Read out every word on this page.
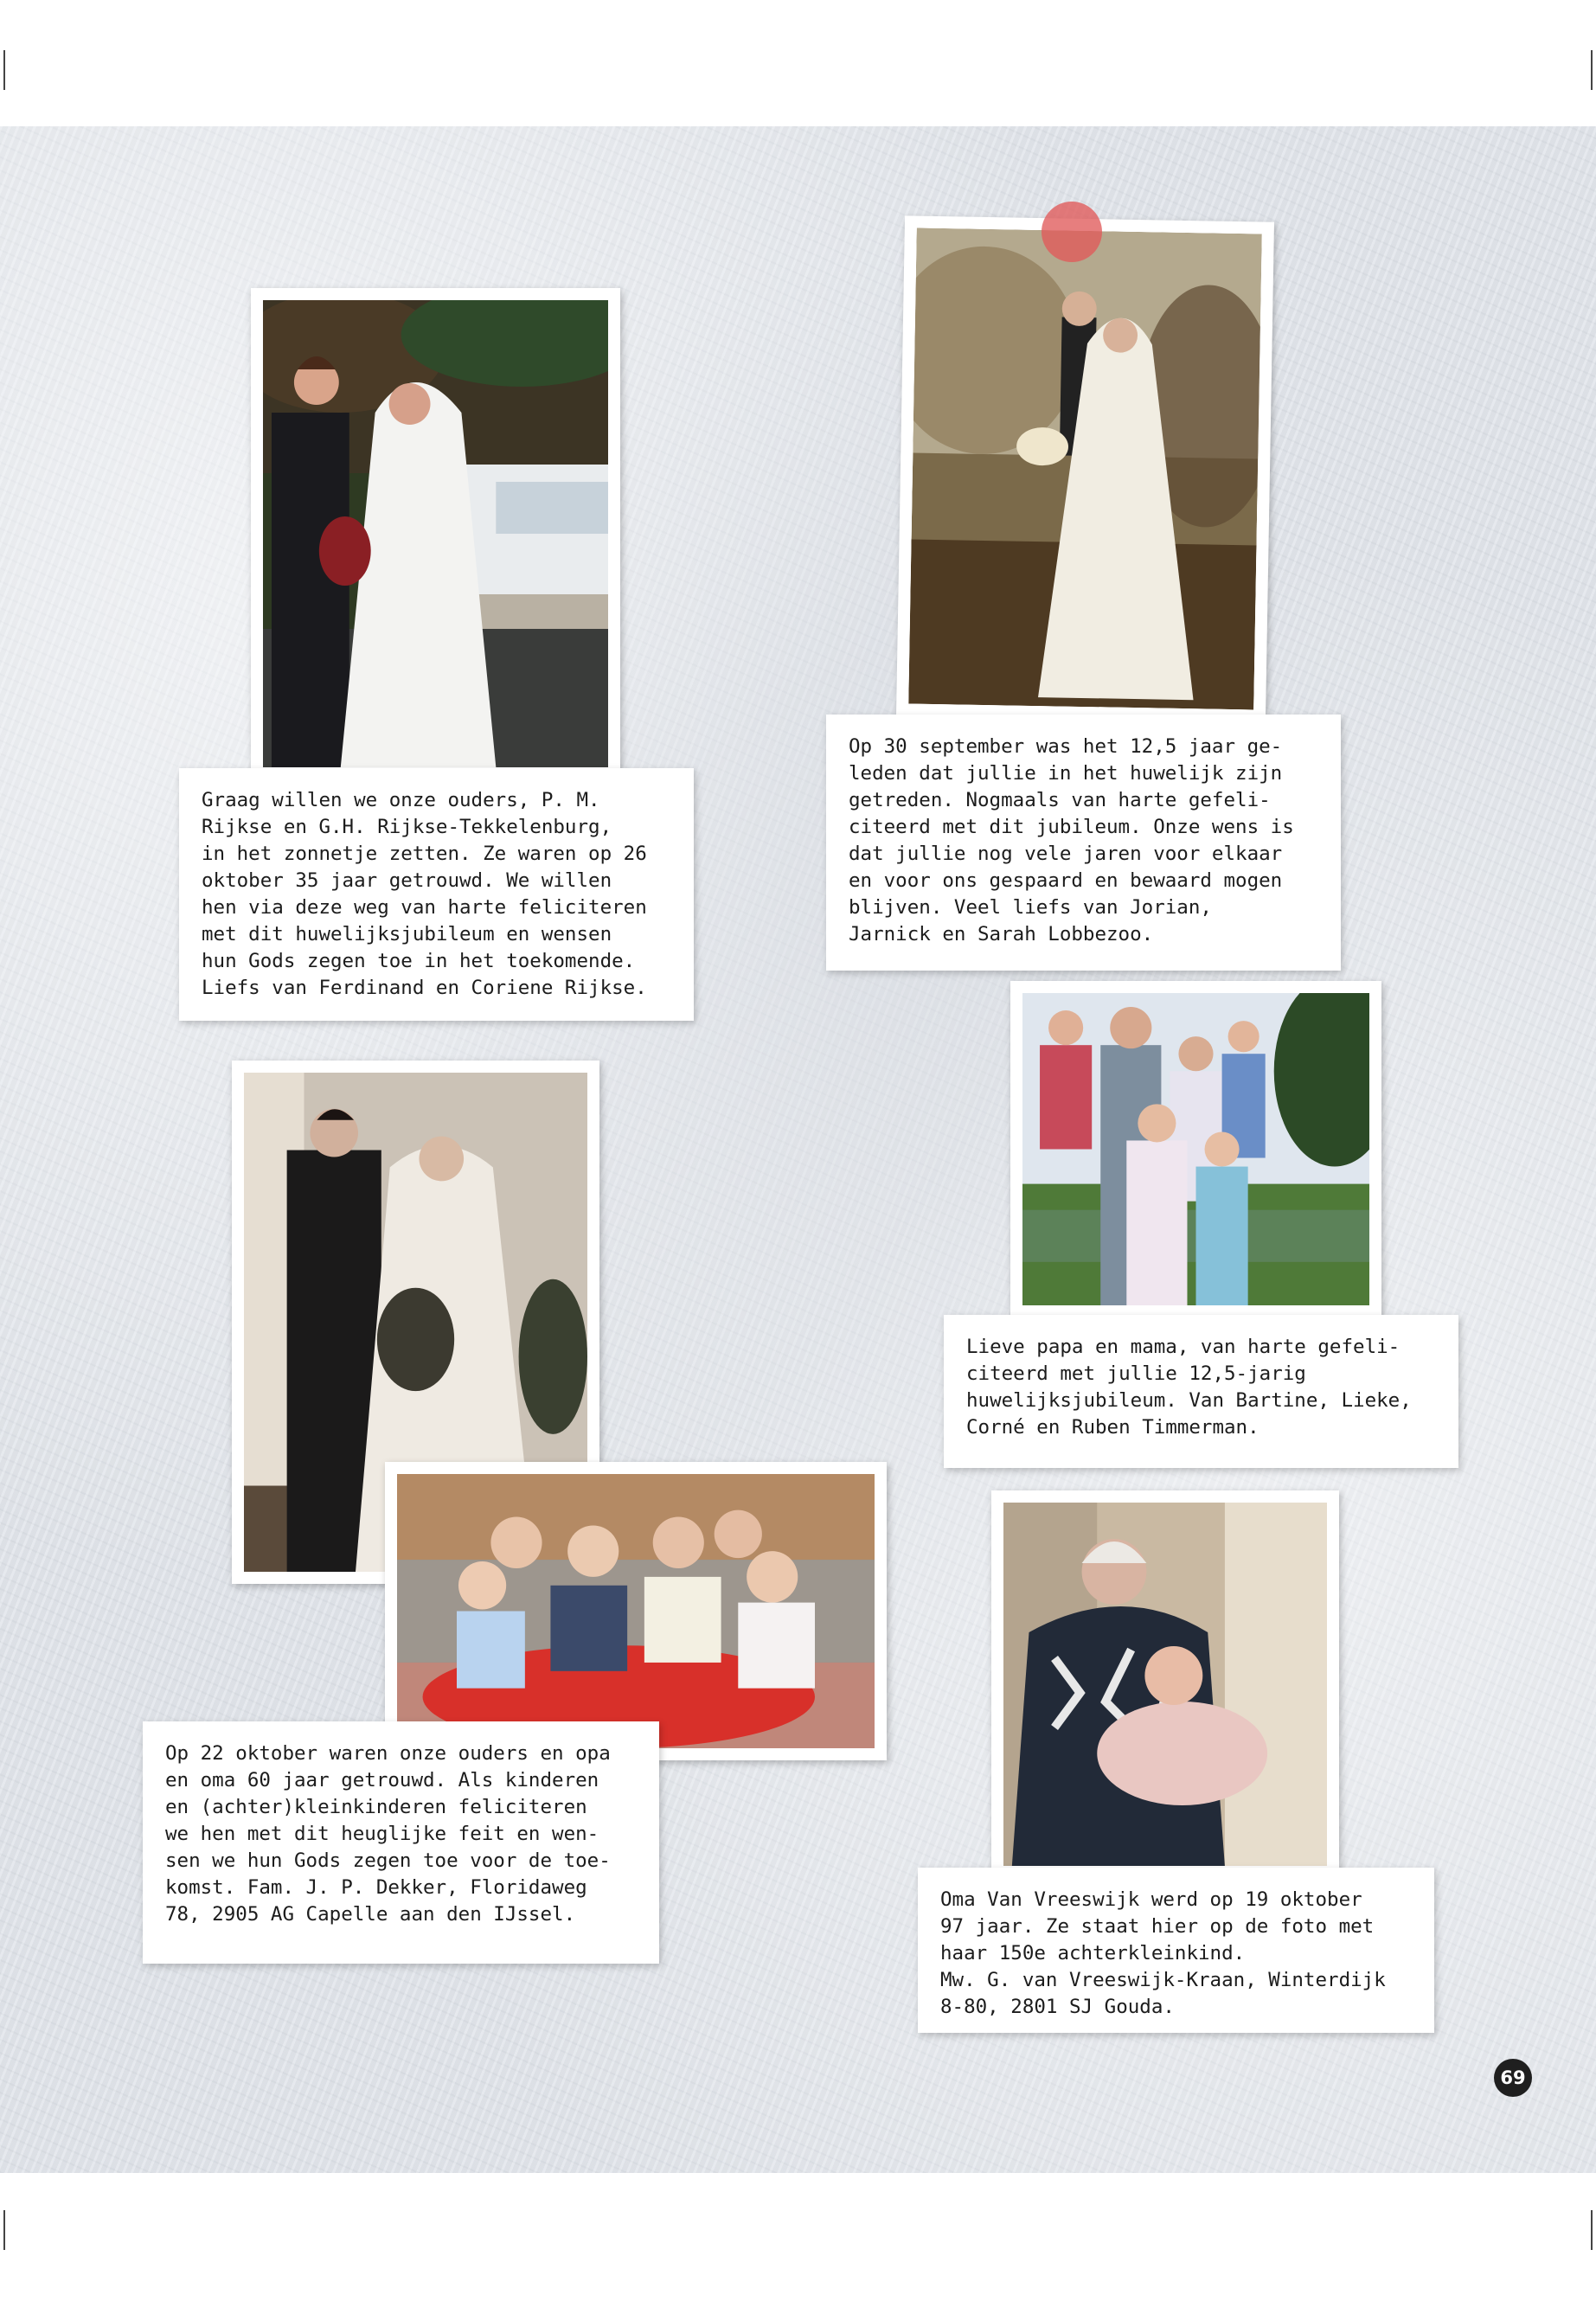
Graag willen we onze ouders, P. M.
Rijkse en G.H. Rijkse-Tekkelenburg,
in het zonnetje zetten. Ze waren op 26
oktober 35 jaar getrouwd. We willen
hen via deze weg van harte feliciteren
met dit huwelijksjubileum en wensen
hun Gods zegen toe in het toekomende.
Liefs van Ferdinand en Coriene Rijkse.
Op 30 september was het 12,5 jaar ge-
leden dat jullie in het huwelijk zijn
getreden. Nogmaals van harte gefeli-
citeerd met dit jubileum. Onze wens is
dat jullie nog vele jaren voor elkaar
en voor ons gespaard en bewaard mogen
blijven. Veel liefs van Jorian,
Jarnick en Sarah Lobbezoo.
Lieve papa en mama, van harte gefeli-
citeerd met jullie 12,5-jarig
huwelijksjubileum. Van Bartine, Lieke,
Corné en Ruben Timmerman.
Op 22 oktober waren onze ouders en opa
en oma 60 jaar getrouwd. Als kinderen
en (achter)kleinkinderen feliciteren
we hen met dit heuglijke feit en wen-
sen we hun Gods zegen toe voor de toe-
komst. Fam. J. P. Dekker, Floridaweg
78, 2905 AG Capelle aan den IJssel.
Oma Van Vreeswijk werd op 19 oktober
97 jaar. Ze staat hier op de foto met
haar 150e achterkleinkind.
Mw. G. van Vreeswijk-Kraan, Winterdijk
8-80, 2801 SJ Gouda.
69
